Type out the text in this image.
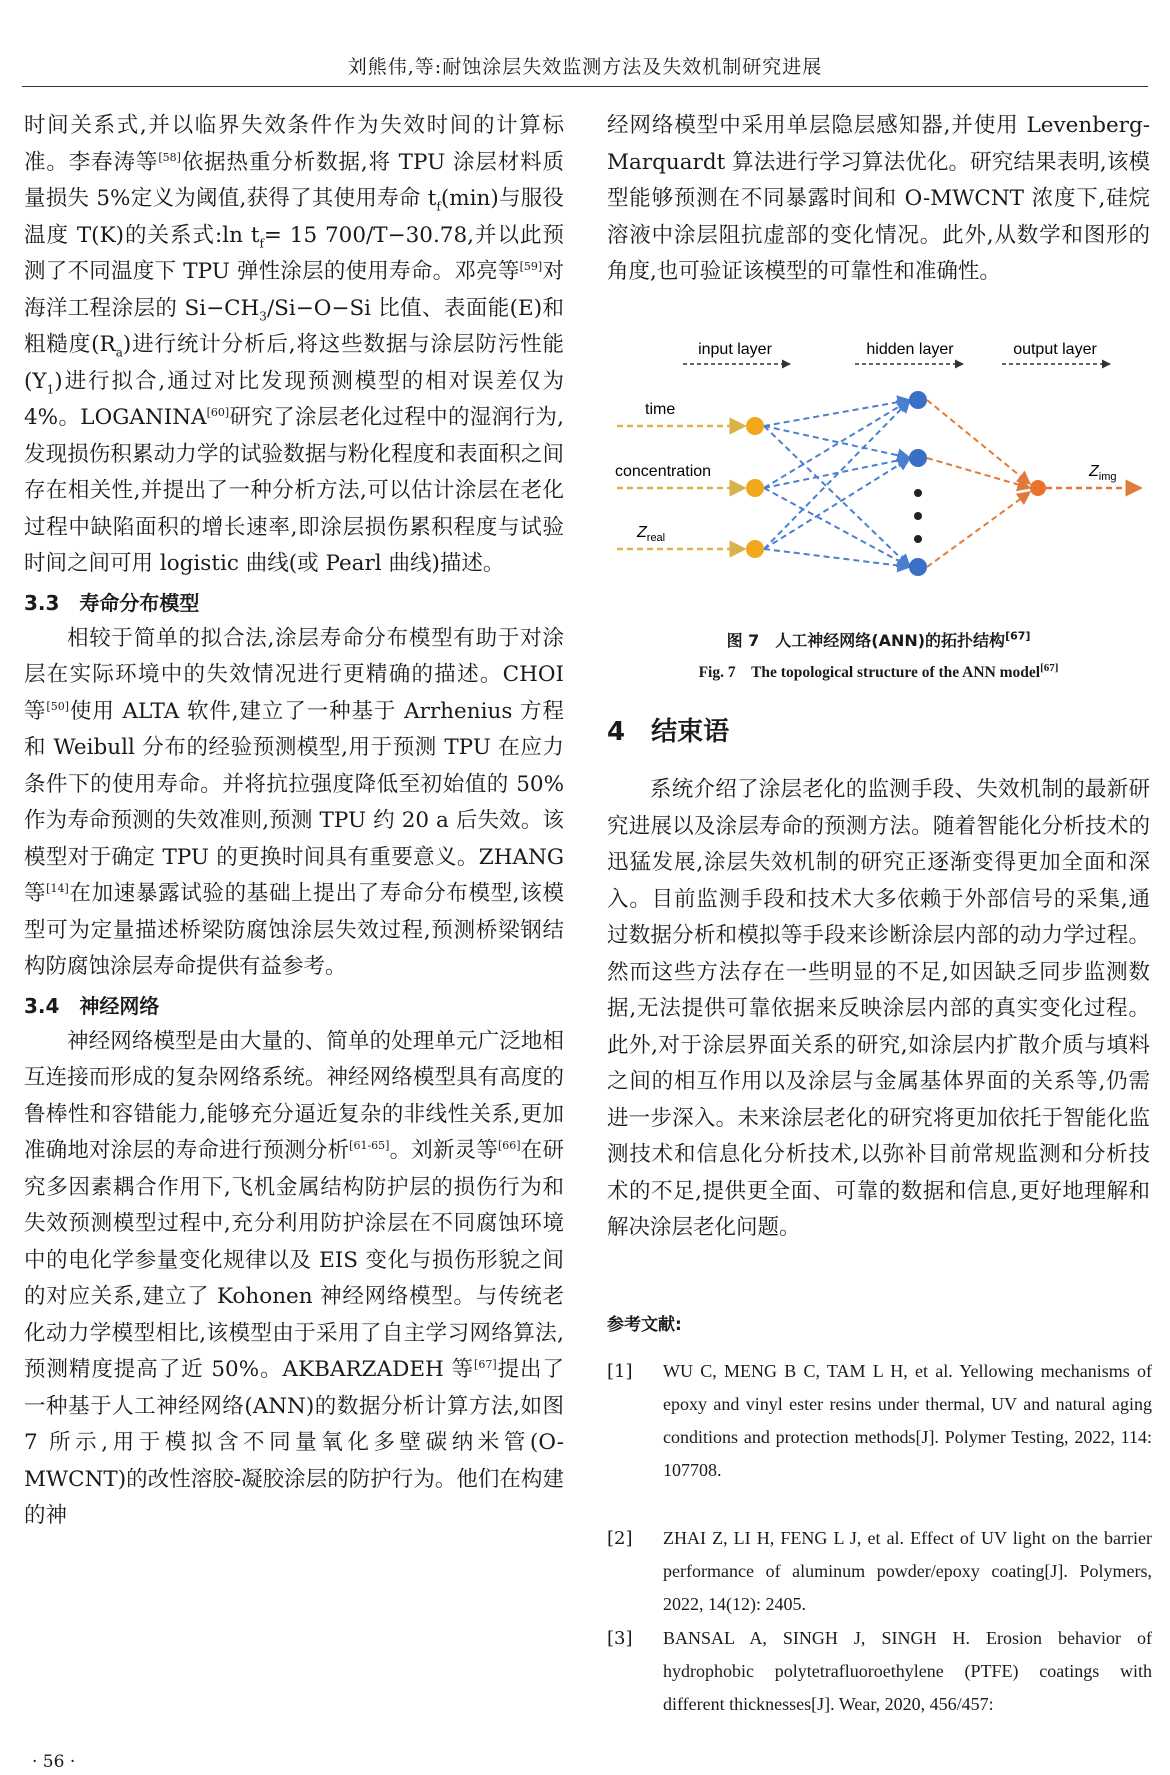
刘熊伟,等:耐蚀涂层失效监测方法及失效机制研究进展

时间关系式,并以临界失效条件作为失效时间的计算标准。李春涛等[58]依据热重分析数据,将 TPU 涂层材料质量损失 5%定义为阈值,获得了其使用寿命 $t_f(\min)$与服役温度 T(K)的关系式:ln $t_f= 15$ 700/T−30.78,并以此预测了不同温度下 TPU 弹性涂层的使用寿命。邓亮等[59]对海洋工程涂层的 $Si-CH_3/Si-O-Si$ 比值、表面能(E)和粗糙度$(R_a)$进行统计分析后,将这些数据与涂层防污性能$(Y_1)$进行拟合,通过对比发现预测模型的相对误差仅为 4%。LOGANINA[60]研究了涂层老化过程中的湿润行为,发现损伤积累动力学的试验数据与粉化程度和表面积之间存在相关性,并提出了一种分析方法,可以估计涂层在老化过程中缺陷面积的增长速率,即涂层损伤累积程度与试验时间之间可用 logistic 曲线(或 Pearl 曲线)描述。

3.3　寿命分布模型

相较于简单的拟合法,涂层寿命分布模型有助于对涂层在实际环境中的失效情况进行更精确的描述。CHOI 等[50]使用 ALTA 软件,建立了一种基于 Arrhenius 方程和 Weibull 分布的经验预测模型,用于预测 TPU 在应力条件下的使用寿命。并将抗拉强度降低至初始值的 50%作为寿命预测的失效准则,预测 TPU 约 20 a 后失效。该模型对于确定 TPU 的更换时间具有重要意义。ZHANG 等[14]在加速暴露试验的基础上提出了寿命分布模型,该模型可为定量描述桥梁防腐蚀涂层失效过程,预测桥梁钢结构防腐蚀涂层寿命提供有益参考。

3.4　神经网络

神经网络模型是由大量的、简单的处理单元广泛地相互连接而形成的复杂网络系统。神经网络模型具有高度的鲁棒性和容错能力,能够充分逼近复杂的非线性关系,更加准确地对涂层的寿命进行预测分析[61-65]。刘新灵等[66]在研究多因素耦合作用下,飞机金属结构防护层的损伤行为和失效预测模型过程中,充分利用防护涂层在不同腐蚀环境中的电化学参量变化规律以及 EIS 变化与损伤形貌之间的对应关系,建立了 Kohonen 神经网络模型。与传统老化动力学模型相比,该模型由于采用了自主学习网络算法,预测精度提高了近 50%。AKBARZADEH 等[67]提出了一种基于人工神经网络(ANN)的数据分析计算方法,如图 7 所示,用于模拟含不同量氧化多壁碳纳米管(O-MWCNT)的改性溶胶-凝胶涂层的防护行为。他们在构建的神

经网络模型中采用单层隐层感知器,并使用 Levenberg-Marquardt 算法进行学习算法优化。研究结果表明,该模型能够预测在不同暴露时间和 O-MWCNT 浓度下,硅烷溶液中涂层阻抗虚部的变化情况。此外,从数学和图形的角度,也可验证该模型的可靠性和准确性。

input layer	hidden layer	output layer
time
concentration
$Z_{real}$
$Z_{img}$
图 7　人工神经网络(ANN)的拓扑结构[67]
Fig. 7　The topological structure of the ANN model[67]
4　结束语

系统介绍了涂层老化的监测手段、失效机制的最新研究进展以及涂层寿命的预测方法。随着智能化分析技术的迅猛发展,涂层失效机制的研究正逐渐变得更加全面和深入。目前监测手段和技术大多依赖于外部信号的采集,通过数据分析和模拟等手段来诊断涂层内部的动力学过程。然而这些方法存在一些明显的不足,如因缺乏同步监测数据,无法提供可靠依据来反映涂层内部的真实变化过程。此外,对于涂层界面关系的研究,如涂层内扩散介质与填料之间的相互作用以及涂层与金属基体界面的关系等,仍需进一步深入。未来涂层老化的研究将更加依托于智能化监测技术和信息化分析技术,以弥补目前常规监测和分析技术的不足,提供更全面、可靠的数据和信息,更好地理解和解决涂层老化问题。

参考文献:
[1]	WU C, MENG B C, TAM L H, et al. Yellowing mechanisms of epoxy and vinyl ester resins under thermal, UV and natural aging conditions and protection methods[J]. Polymer Testing, 2022, 114: 107708.
[2]	ZHAI Z, LI H, FENG L J, et al. Effect of UV light on the barrier performance of aluminum powder/epoxy coating[J]. Polymers, 2022, 14(12): 2405.
[3]	BANSAL A, SINGH J, SINGH H. Erosion behavior of hydrophobic polytetrafluoroethylene (PTFE) coatings with different thicknesses[J]. Wear, 2020, 456/457:
· 56 ·
